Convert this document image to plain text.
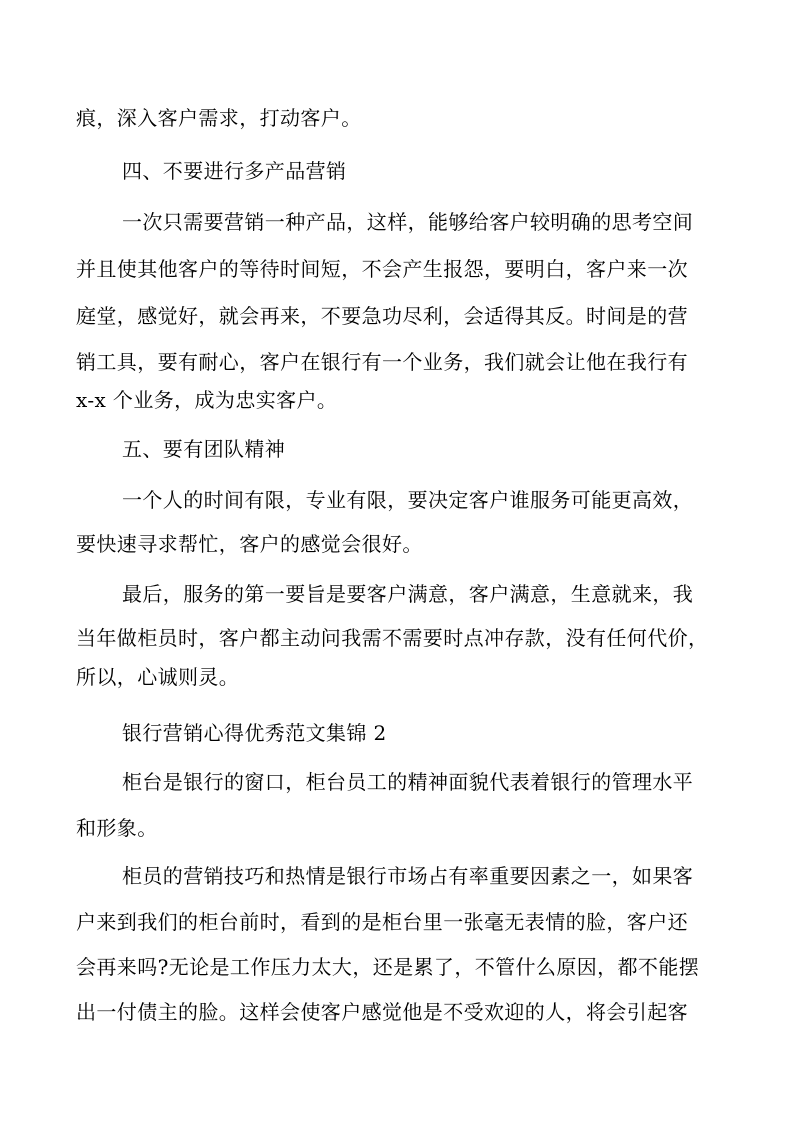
痕，深入客户需求，打动客户。

四、不要进行多产品营销

一次只需要营销一种产品，这样，能够给客户较明确的思考空间

并且使其他客户的等待时间短，不会产生报怨，要明白，客户来一次

庭堂，感觉好，就会再来，不要急功尽利，会适得其反。时间是的营

销工具，要有耐心，客户在银行有一个业务，我们就会让他在我行有

x-x 个业务，成为忠实客户。

五、要有团队精神

一个人的时间有限，专业有限，要决定客户谁服务可能更高效，

要快速寻求帮忙，客户的感觉会很好。

最后，服务的第一要旨是要客户满意，客户满意，生意就来，我

当年做柜员时，客户都主动问我需不需要时点冲存款，没有任何代价，

所以，心诚则灵。

银行营销心得优秀范文集锦 2

柜台是银行的窗口，柜台员工的精神面貌代表着银行的管理水平

和形象。

柜员的营销技巧和热情是银行市场占有率重要因素之一，如果客

户来到我们的柜台前时，看到的是柜台里一张毫无表情的脸，客户还

会再来吗?无论是工作压力太大，还是累了，不管什么原因，都不能摆

出一付债主的脸。这样会使客户感觉他是不受欢迎的人，将会引起客
